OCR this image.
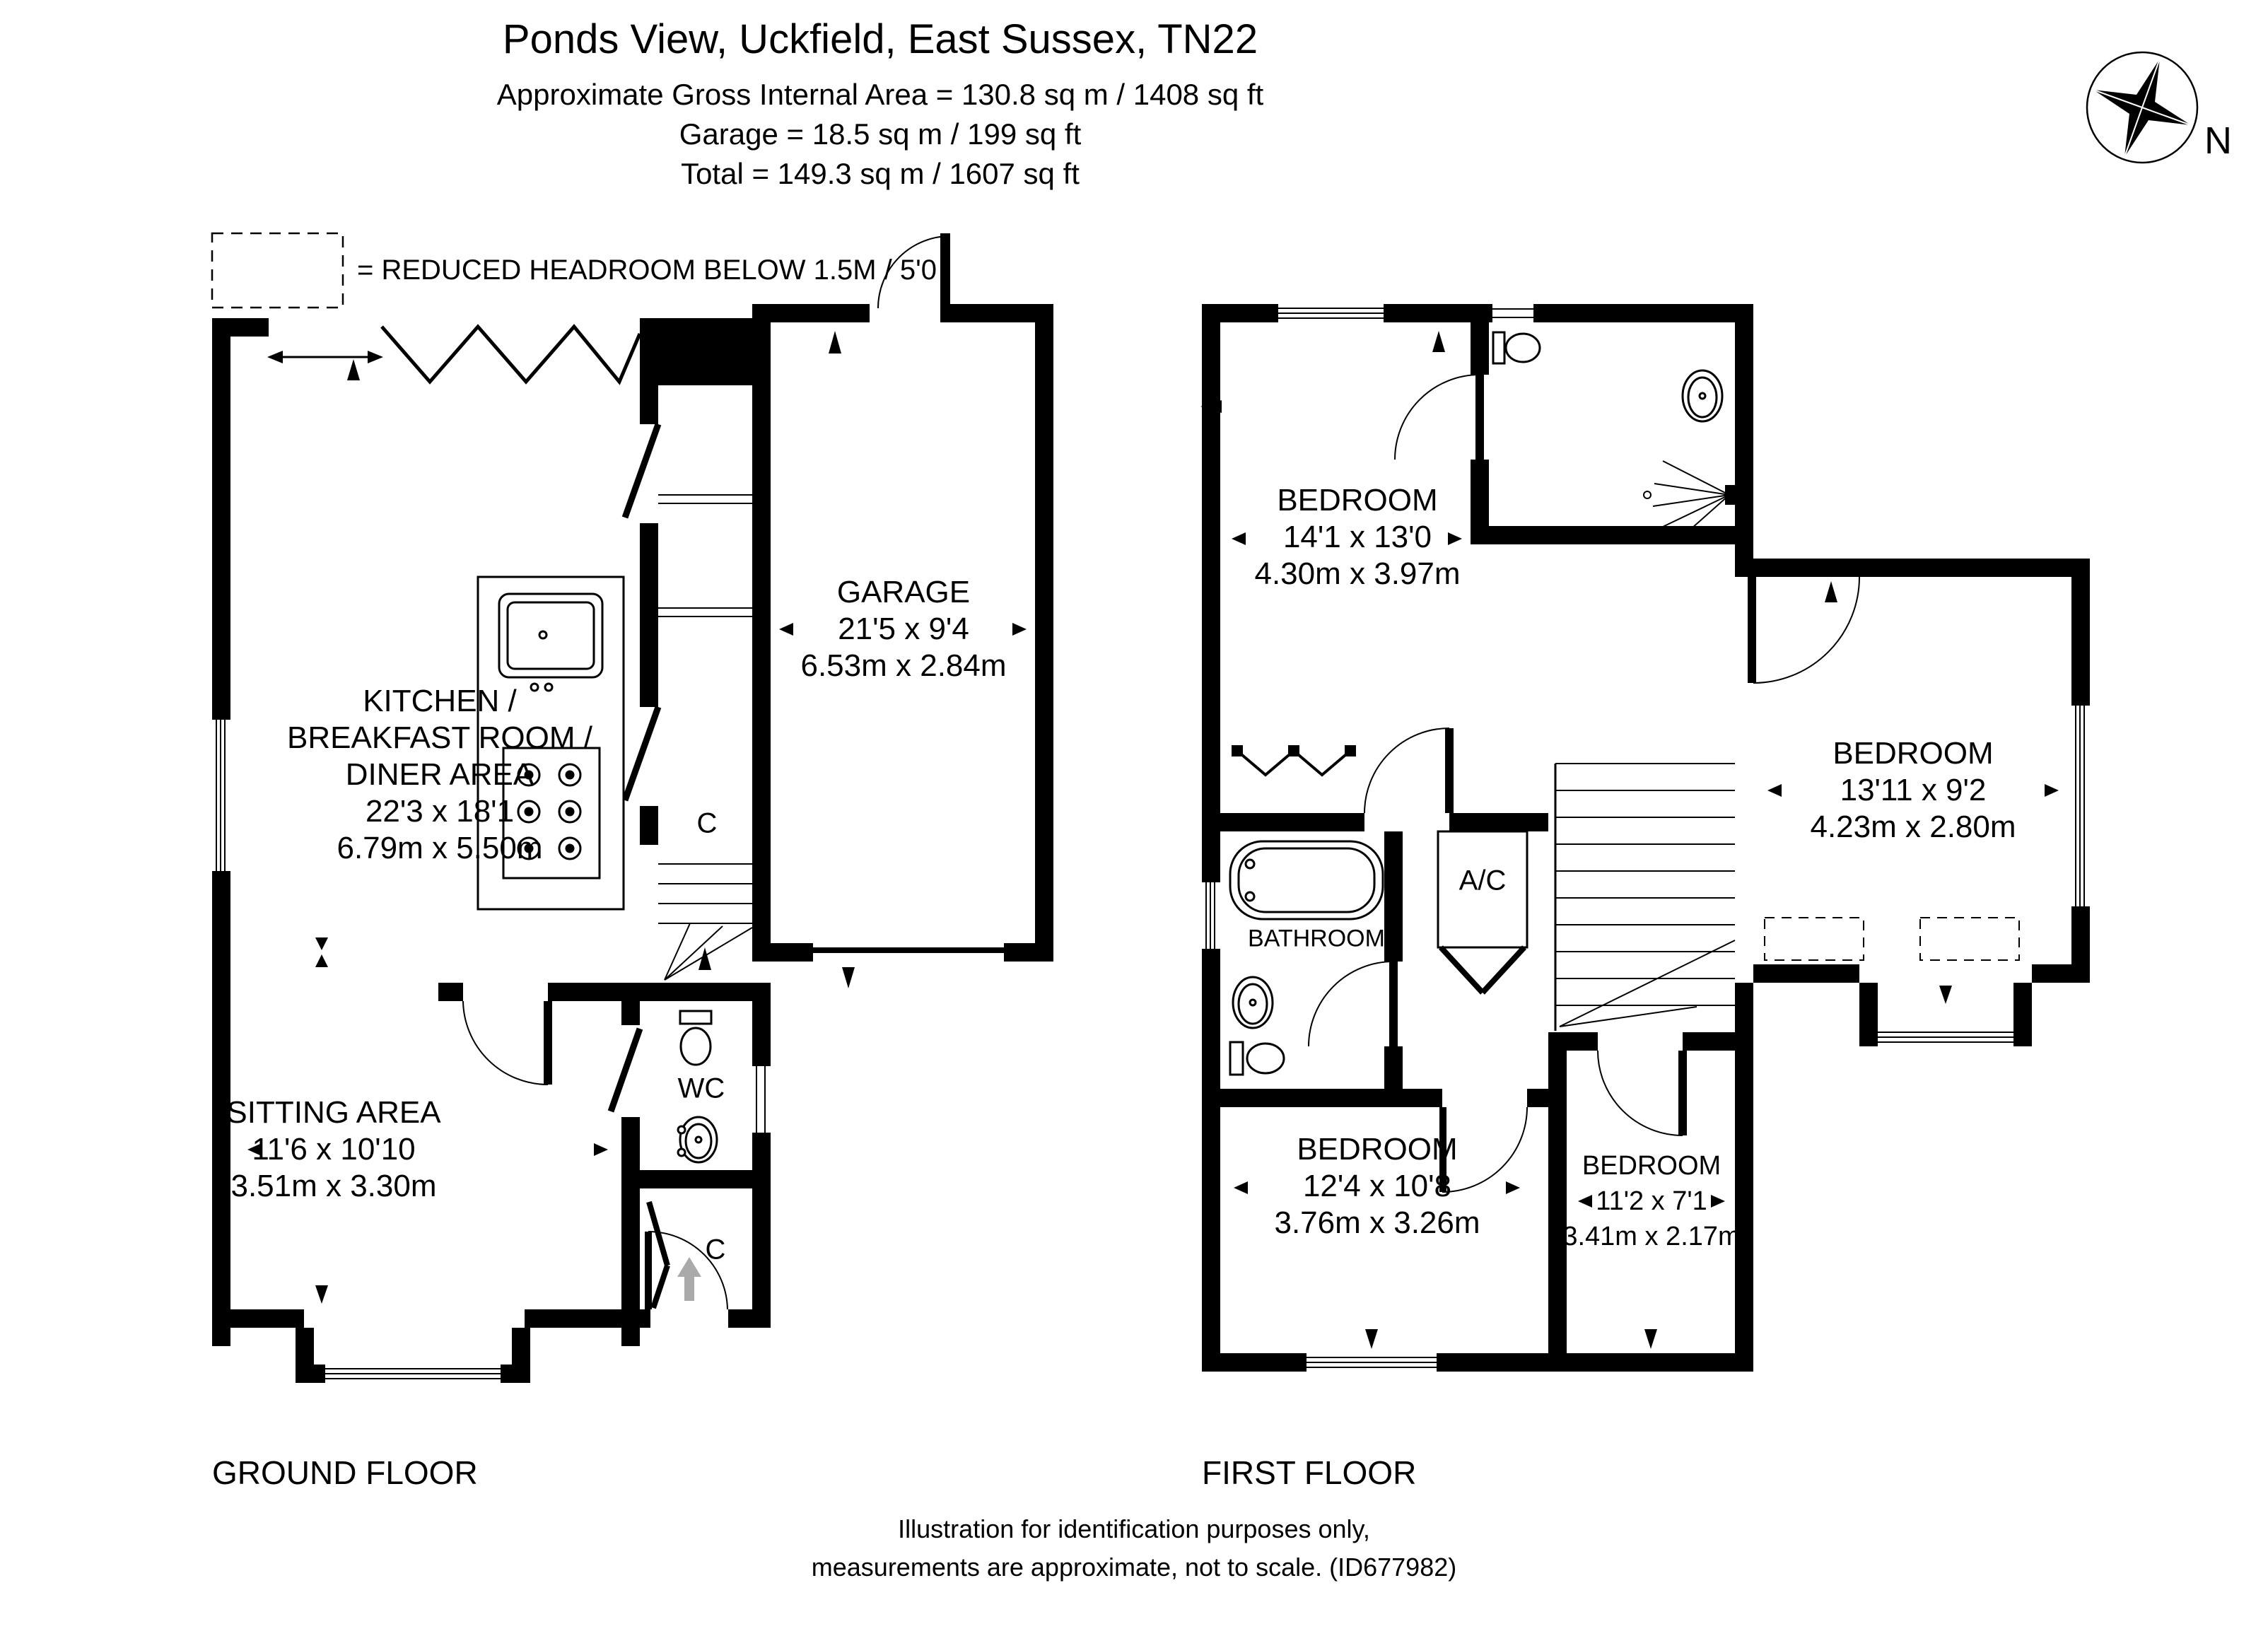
Ponds View, Uckfield, East Sussex, TN22
Approximate Gross Internal Area = 130.8 sq m / 1408 sq ft
Garage = 18.5 sq m / 199 sq ft
Total = 149.3 sq m / 1607 sq ft
N
= REDUCED HEADROOM BELOW 1.5M / 5'0
KITCHEN /
BREAKFAST ROOM /
DINER AREA
22'3 x 18'1
6.79m x 5.50m
GARAGE
21'5 x 9'4
6.53m x 2.84m
SITTING AREA
11'6 x 10'10
3.51m x 3.30m
WC
C
C
BEDROOM
14'1 x 13'0
4.30m x 3.97m
BEDROOM
13'11 x 9'2
4.23m x 2.80m
BEDROOM
12'4 x 10'8
3.76m x 3.26m
BEDROOM
11'2 x 7'1
3.41m x 2.17m
BATHROOM
A/C
GROUND FLOOR	FIRST FLOOR
Illustration for identification purposes only,
measurements are approximate, not to scale. (ID677982)
